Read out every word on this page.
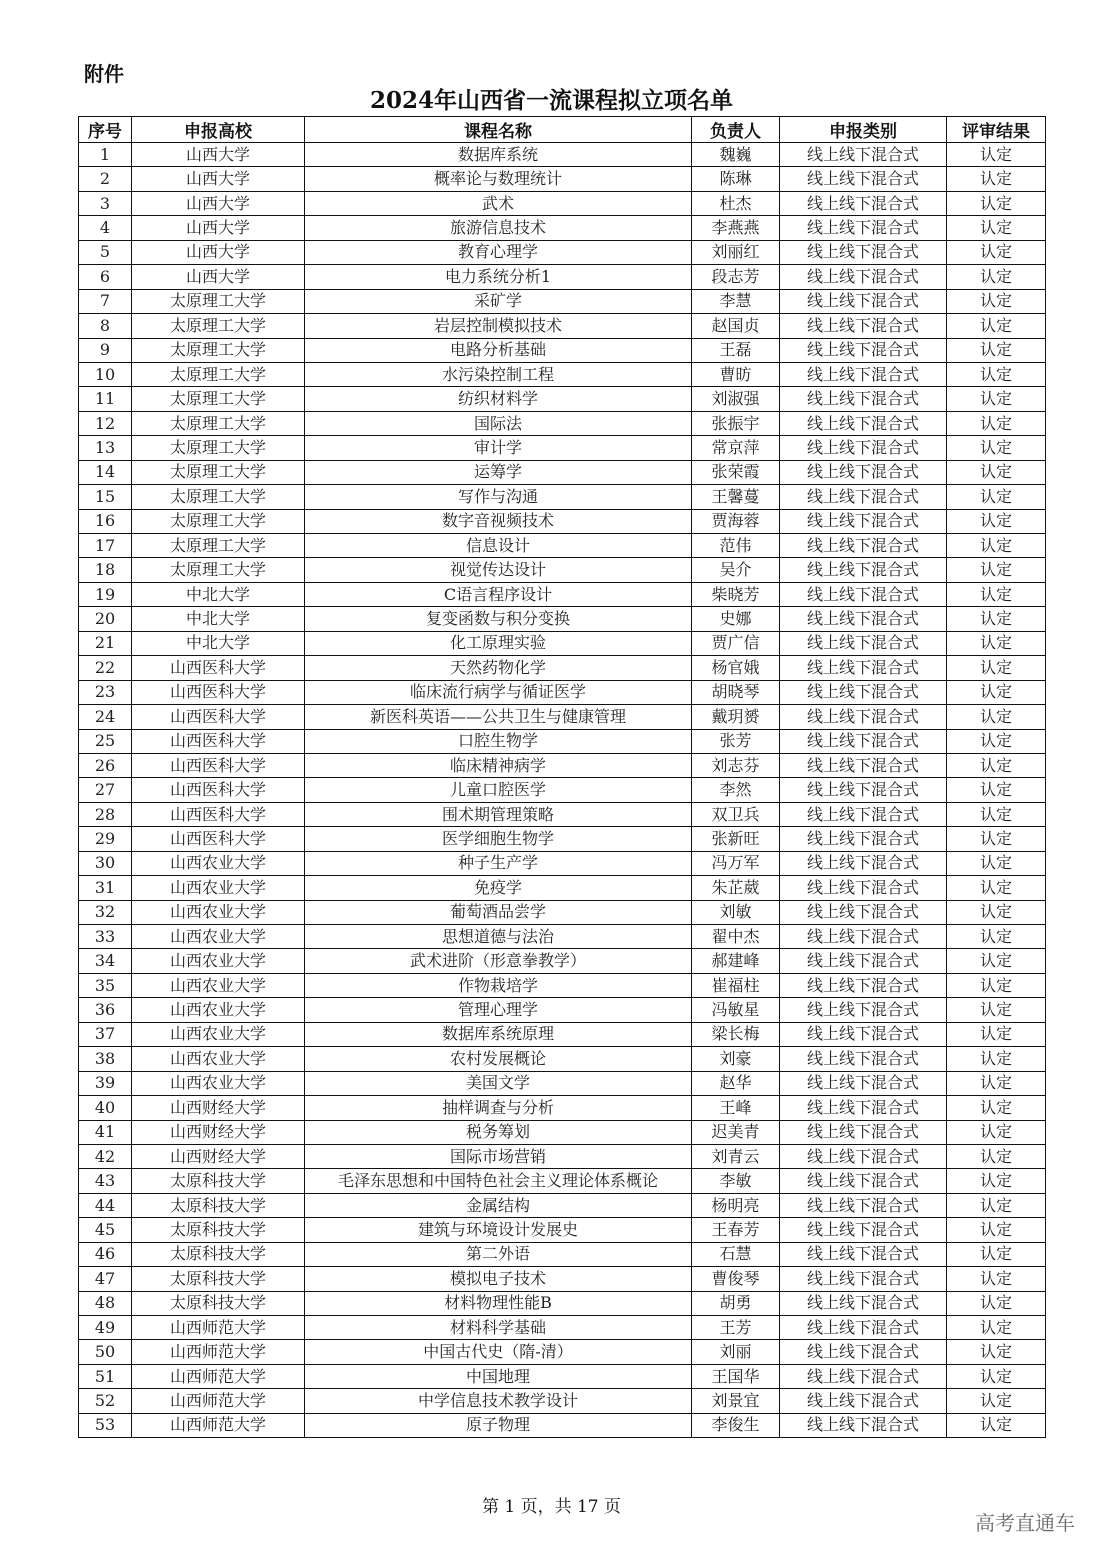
附件
2024年山西省一流课程拟立项名单
序号	申报高校	课程名称	负责人	申报类别	评审结果
1	山西大学	数据库系统	魏巍	线上线下混合式	认定
2	山西大学	概率论与数理统计	陈琳	线上线下混合式	认定
3	山西大学	武术	杜杰	线上线下混合式	认定
4	山西大学	旅游信息技术	李燕燕	线上线下混合式	认定
5	山西大学	教育心理学	刘丽红	线上线下混合式	认定
6	山西大学	电力系统分析1	段志芳	线上线下混合式	认定
7	太原理工大学	采矿学	李慧	线上线下混合式	认定
8	太原理工大学	岩层控制模拟技术	赵国贞	线上线下混合式	认定
9	太原理工大学	电路分析基础	王磊	线上线下混合式	认定
10	太原理工大学	水污染控制工程	曹昉	线上线下混合式	认定
11	太原理工大学	纺织材料学	刘淑强	线上线下混合式	认定
12	太原理工大学	国际法	张振宇	线上线下混合式	认定
13	太原理工大学	审计学	常京萍	线上线下混合式	认定
14	太原理工大学	运筹学	张荣霞	线上线下混合式	认定
15	太原理工大学	写作与沟通	王馨蔓	线上线下混合式	认定
16	太原理工大学	数字音视频技术	贾海蓉	线上线下混合式	认定
17	太原理工大学	信息设计	范伟	线上线下混合式	认定
18	太原理工大学	视觉传达设计	吴介	线上线下混合式	认定
19	中北大学	C语言程序设计	柴晓芳	线上线下混合式	认定
20	中北大学	复变函数与积分变换	史娜	线上线下混合式	认定
21	中北大学	化工原理实验	贾广信	线上线下混合式	认定
22	山西医科大学	天然药物化学	杨官娥	线上线下混合式	认定
23	山西医科大学	临床流行病学与循证医学	胡晓琴	线上线下混合式	认定
24	山西医科大学	新医科英语——公共卫生与健康管理	戴玥赟	线上线下混合式	认定
25	山西医科大学	口腔生物学	张芳	线上线下混合式	认定
26	山西医科大学	临床精神病学	刘志芬	线上线下混合式	认定
27	山西医科大学	儿童口腔医学	李然	线上线下混合式	认定
28	山西医科大学	围术期管理策略	双卫兵	线上线下混合式	认定
29	山西医科大学	医学细胞生物学	张新旺	线上线下混合式	认定
30	山西农业大学	种子生产学	冯万军	线上线下混合式	认定
31	山西农业大学	免疫学	朱芷葳	线上线下混合式	认定
32	山西农业大学	葡萄酒品尝学	刘敏	线上线下混合式	认定
33	山西农业大学	思想道德与法治	翟中杰	线上线下混合式	认定
34	山西农业大学	武术进阶（形意拳教学）	郝建峰	线上线下混合式	认定
35	山西农业大学	作物栽培学	崔福柱	线上线下混合式	认定
36	山西农业大学	管理心理学	冯敏星	线上线下混合式	认定
37	山西农业大学	数据库系统原理	梁长梅	线上线下混合式	认定
38	山西农业大学	农村发展概论	刘豪	线上线下混合式	认定
39	山西农业大学	美国文学	赵华	线上线下混合式	认定
40	山西财经大学	抽样调查与分析	王峰	线上线下混合式	认定
41	山西财经大学	税务筹划	迟美青	线上线下混合式	认定
42	山西财经大学	国际市场营销	刘青云	线上线下混合式	认定
43	太原科技大学	毛泽东思想和中国特色社会主义理论体系概论	李敏	线上线下混合式	认定
44	太原科技大学	金属结构	杨明亮	线上线下混合式	认定
45	太原科技大学	建筑与环境设计发展史	王春芳	线上线下混合式	认定
46	太原科技大学	第二外语	石慧	线上线下混合式	认定
47	太原科技大学	模拟电子技术	曹俊琴	线上线下混合式	认定
48	太原科技大学	材料物理性能B	胡勇	线上线下混合式	认定
49	山西师范大学	材料科学基础	王芳	线上线下混合式	认定
50	山西师范大学	中国古代史（隋-清）	刘丽	线上线下混合式	认定
51	山西师范大学	中国地理	王国华	线上线下混合式	认定
52	山西师范大学	中学信息技术教学设计	刘景宜	线上线下混合式	认定
53	山西师范大学	原子物理	李俊生	线上线下混合式	认定
第 1 页，共 17 页
高考直通车
